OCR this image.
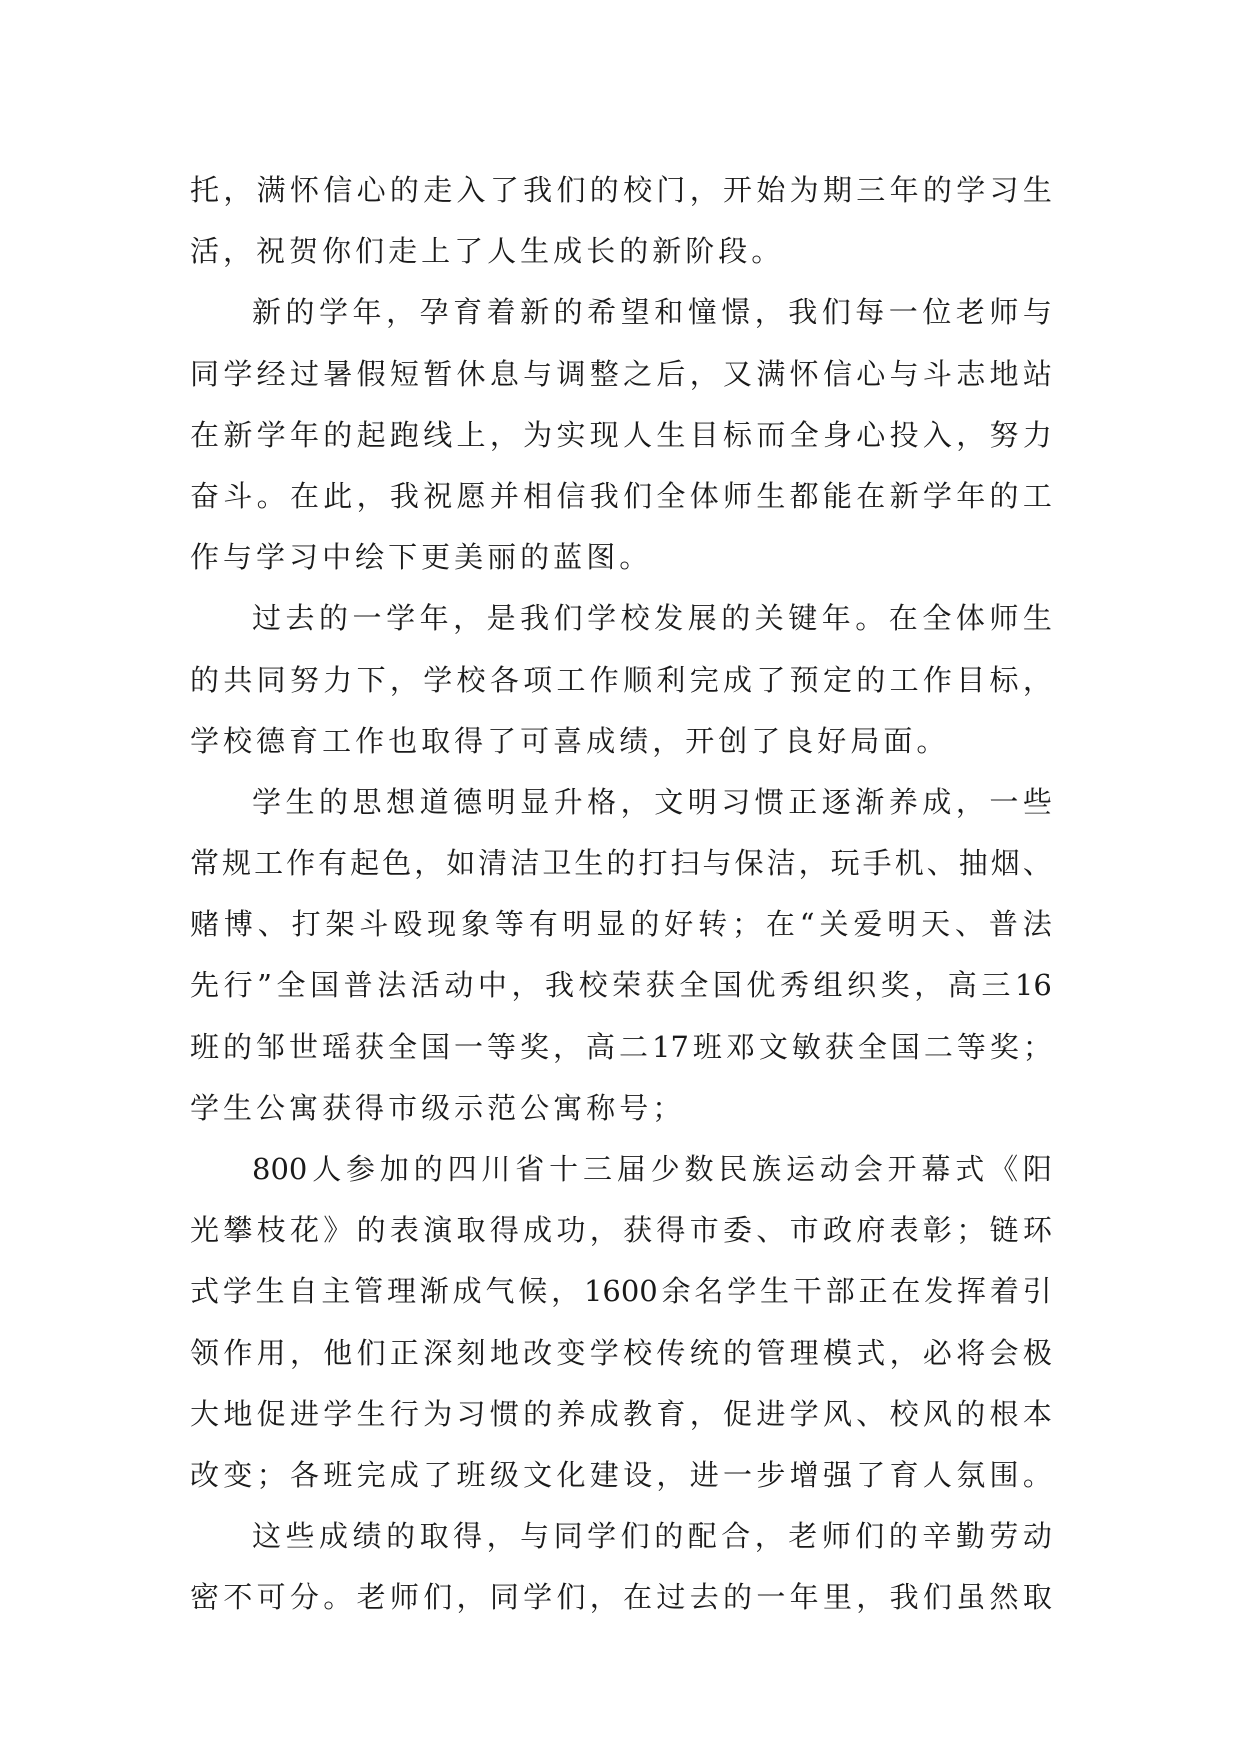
托 ， 满 怀 信 心 的 走 入 了 我 们 的 校 门 ， 开 始 为 期 三 年 的 学 习 生
活 ， 祝 贺 你 们 走 上 了 人 生 成 长 的 新 阶 段 。
新 的 学 年 ， 孕 育 着 新 的 希 望 和 憧 憬 ， 我 们 每 一 位 老 师 与
同 学 经 过 暑 假 短 暂 休 息 与 调 整 之 后 ， 又 满 怀 信 心 与 斗 志 地 站
在 新 学 年 的 起 跑 线 上 ， 为 实 现 人 生 目 标 而 全 身 心 投 入 ， 努 力
奋 斗 。 在 此 ， 我 祝 愿 并 相 信 我 们 全 体 师 生 都 能 在 新 学 年 的 工
作 与 学 习 中 绘 下 更 美 丽 的 蓝 图 。
过 去 的 一 学 年 ， 是 我 们 学 校 发 展 的 关 键 年 。 在 全 体 师 生
的 共 同 努 力 下 ， 学 校 各 项 工 作 顺 利 完 成 了 预 定 的 工 作 目 标 ，
学 校 德 育 工 作 也 取 得 了 可 喜 成 绩 ， 开 创 了 良 好 局 面 。
学 生 的 思 想 道 德 明 显 升 格 ， 文 明 习 惯 正 逐 渐 养 成 ， 一 些
常 规 工 作 有 起 色 ， 如 清 洁 卫 生 的 打 扫 与 保 洁 ， 玩 手 机 、 抽 烟 、
赌 博 、 打 架 斗 殴 现 象 等 有 明 显 的 好 转 ； 在 “ 关 爱 明 天 、 普 法
先 行 ” 全 国 普 法 活 动 中 ， 我 校 荣 获 全 国 优 秀 组 织 奖 ， 高 三 16
班 的 邹 世 瑶 获 全 国 一 等 奖 ， 高 二 17 班 邓 文 敏 获 全 国 二 等 奖 ；
学 生 公 寓 获 得 市 级 示 范 公 寓 称 号 ；
800 人 参 加 的 四 川 省 十 三 届 少 数 民 族 运 动 会 开 幕 式 《 阳
光 攀 枝 花 》 的 表 演 取 得 成 功 ， 获 得 市 委 、 市 政 府 表 彰 ； 链 环
式 学 生 自 主 管 理 渐 成 气 候 ， 1600 余 名 学 生 干 部 正 在 发 挥 着 引
领 作 用 ， 他 们 正 深 刻 地 改 变 学 校 传 统 的 管 理 模 式 ， 必 将 会 极
大 地 促 进 学 生 行 为 习 惯 的 养 成 教 育 ， 促 进 学 风 、 校 风 的 根 本
改 变 ； 各 班 完 成 了 班 级 文 化 建 设 ， 进 一 步 增 强 了 育 人 氛 围 。
这 些 成 绩 的 取 得 ， 与 同 学 们 的 配 合 ， 老 师 们 的 辛 勤 劳 动
密 不 可 分 。 老 师 们 ， 同 学 们 ， 在 过 去 的 一 年 里 ， 我 们 虽 然 取
